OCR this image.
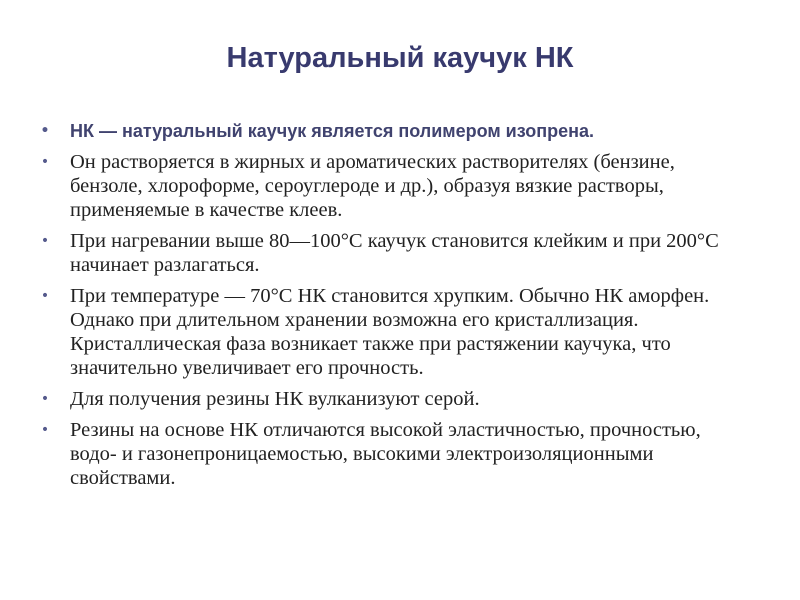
Натуральный каучук НК
• НК — натуральный каучук является полимером изопрена.
• Он растворяется в жирных и ароматических растворителях (бензине, бензоле, хлороформе, сероуглероде и др.), образуя вязкие растворы, применяемые в качестве клеев.
• При нагревании выше 80—100°С каучук становится клейким и при 200°С начинает разлагаться.
• При температуре — 70°С НК становится хрупким. Обычно НК аморфен. Однако при длительном хранении возможна его кристаллизация. Кристаллическая фаза возникает также при растяжении каучука, что значительно увеличивает его прочность.
• Для получения резины НК вулканизуют серой.
• Резины на основе НК отличаются высокой эластичностью, прочностью, водо- и газонепроницаемостью, высокими электроизоляционными свойствами.
